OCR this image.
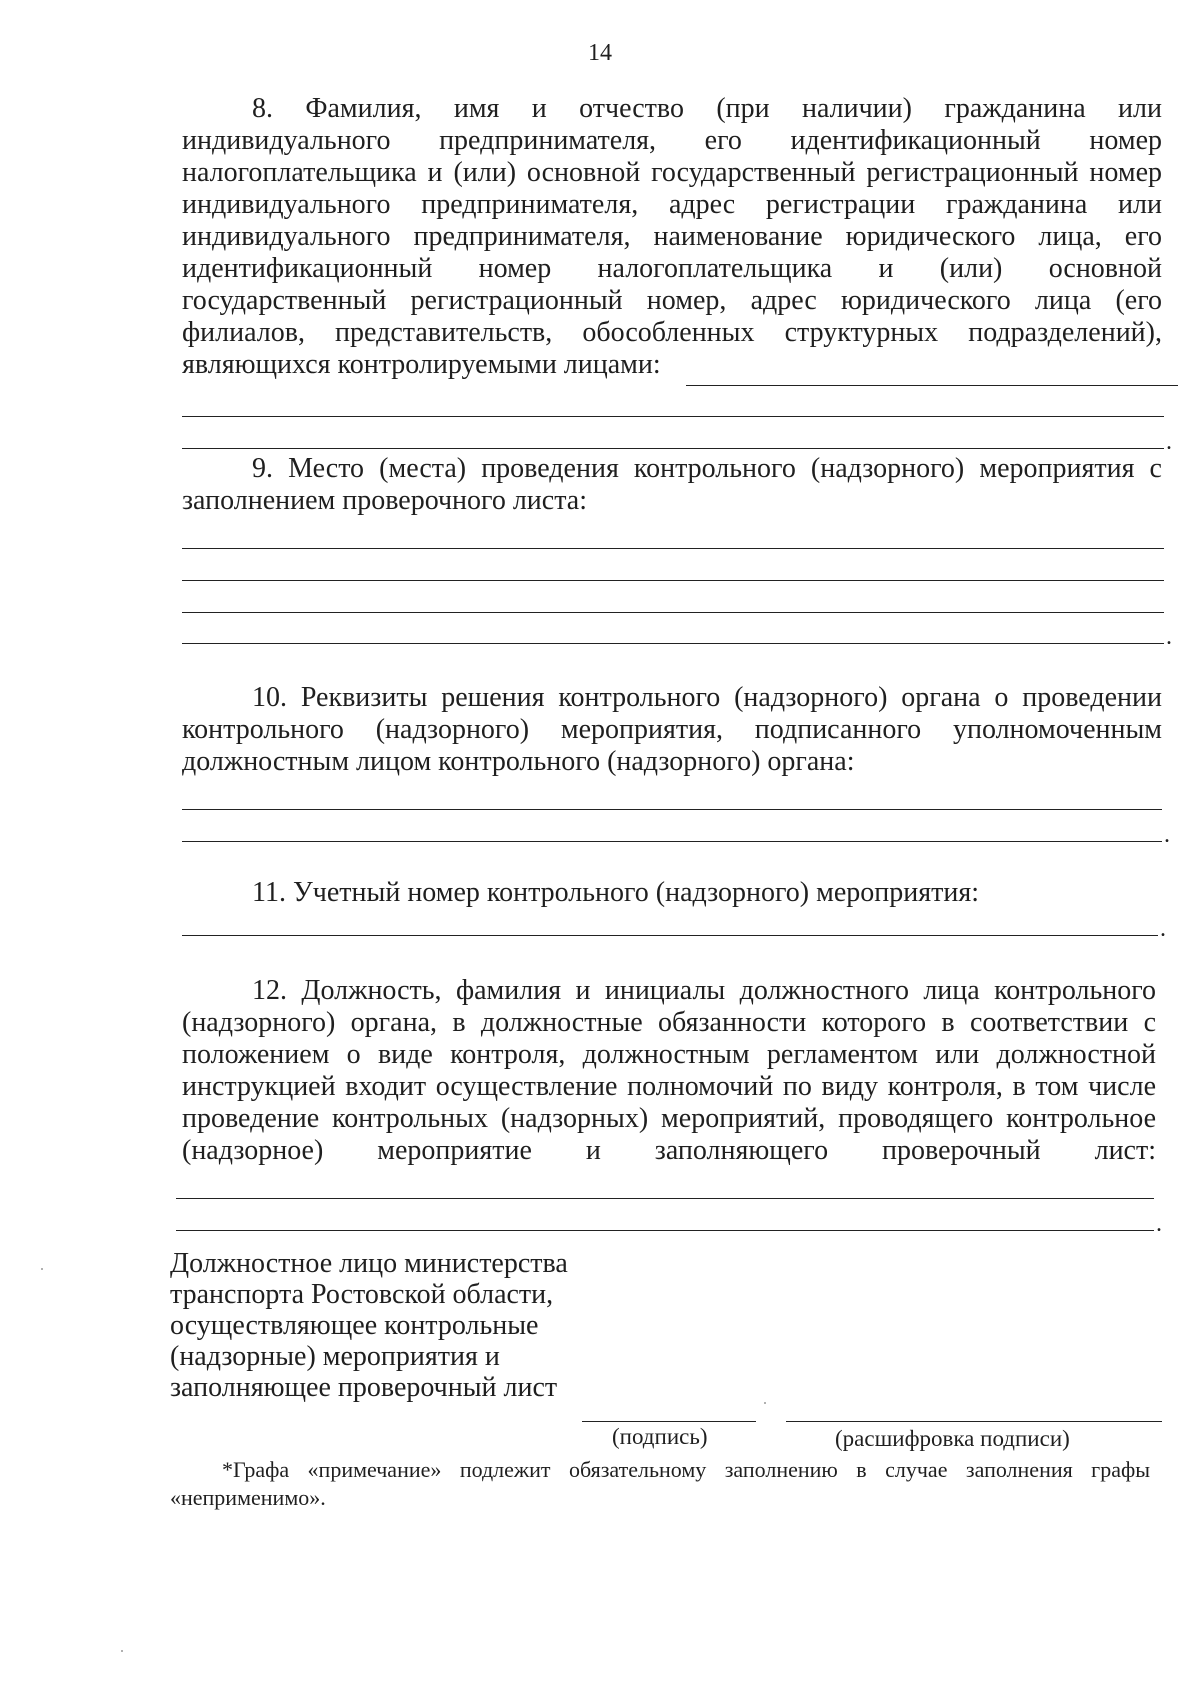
14

8. Фамилия, имя и отчество (при наличии) гражданина или индивидуального предпринимателя, его идентификационный номер налогоплательщика и (или) основной государственный регистрационный номер индивидуального предпринимателя, адрес регистрации гражданина или индивидуального предпринимателя, наименование юридического лица, его идентификационный номер налогоплательщика и (или) основной государственный регистрационный номер, адрес юридического лица (его филиалов, представительств, обособленных структурных подразделений),

являющихся контролируемыми лицами:
.

9. Место (места) проведения контрольного (надзорного) мероприятия с заполнением проверочного листа:

.

10. Реквизиты решения контрольного (надзорного) органа о проведении контрольного (надзорного) мероприятия, подписанного уполномоченным должностным лицом контрольного (надзорного) органа:

.

11. Учетный номер контрольного (надзорного) мероприятия:

.

12. Должность, фамилия и инициалы должностного лица контрольного (надзорного) органа, в должностные обязанности которого в соответствии с положением о виде контроля, должностным регламентом или должностной инструкцией входит осуществление полномочий по виду контроля, в том числе проведение контрольных (надзорных) мероприятий, проводящего контрольное (надзорное) мероприятие и заполняющего проверочный лист:

.
Должностное лицо министерства
транспорта Ростовской области,
осуществляющее контрольные
(надзорные) мероприятия и
заполняющее проверочный лист
(подпись)	(расшифровка подписи)
*Графа «примечание» подлежит обязательному заполнению в случае заполнения графы «неприменимо».
